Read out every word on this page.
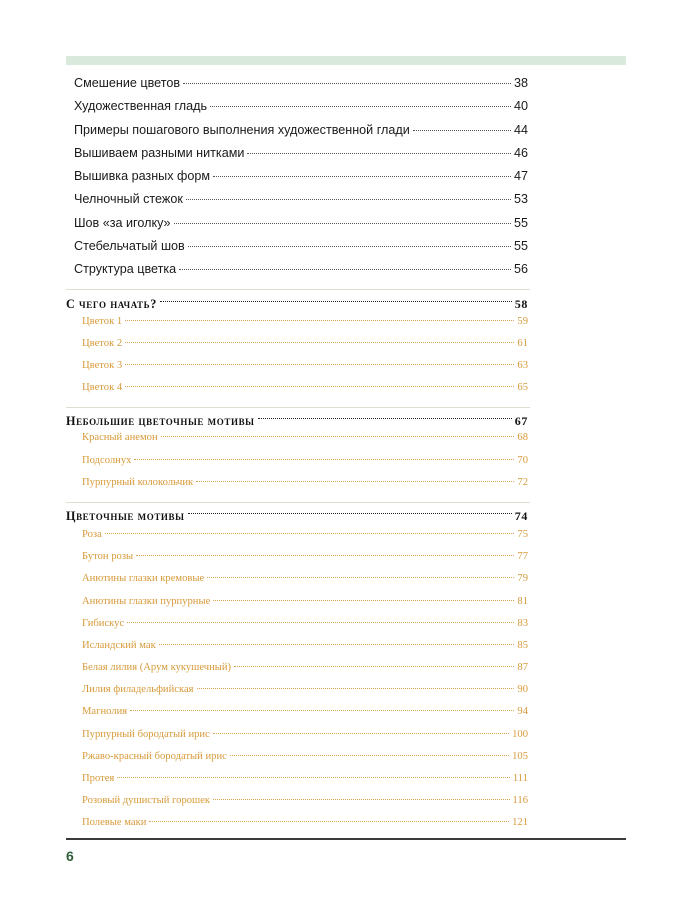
Смешение цветов	38
Художественная гладь	40
Примеры пошагового выполнения художественной глади	44
Вышиваем разными нитками	46
Вышивка разных форм	47
Челночный стежок	53
Шов «за иголку»	55
Стебельчатый шов	55
Структура цветка	56
С чего начать?	58
Цветок 1	59
Цветок 2	61
Цветок 3	63
Цветок 4	65
Небольшие цветочные мотивы	67
Красный анемон	68
Подсолнух	70
Пурпурный колокольчик	72
Цветочные мотивы	74
Роза	75
Бутон розы	77
Анютины глазки кремовые	79
Анютины глазки пурпурные	81
Гибискус	83
Исландский мак	85
Белая лилия (Арум кукушечный)	87
Лилия филадельфийская	90
Магнолия	94
Пурпурный бородатый ирис	100
Ржаво-красный бородатый ирис	105
Протея	111
Розовый душистый горошек	116
Полевые маки	121
6
